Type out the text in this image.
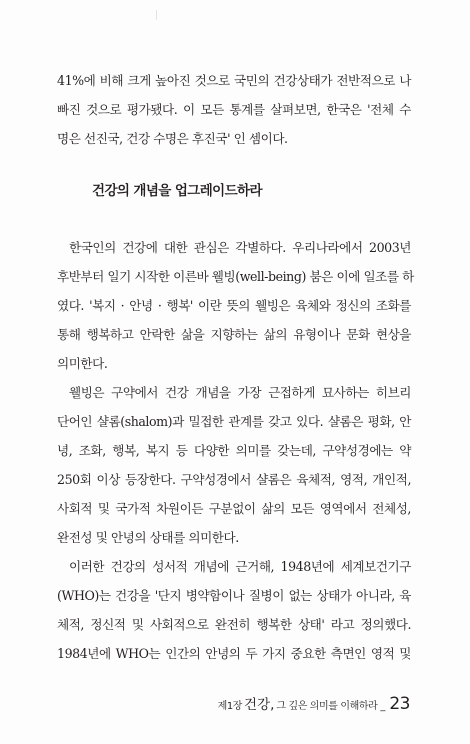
41%에 비해 크게 높아진 것으로 국민의 건강상태가 전반적으로 나
빠진 것으로 평가됐다. 이 모든 통계를 살펴보면, 한국은 '전체 수
명은 선진국, 건강 수명은 후진국' 인 셈이다.
건강의 개념을 업그레이드하라
한국인의 건강에 대한 관심은 각별하다. 우리나라에서 2003년
후반부터 일기 시작한 이른바 웰빙(well-being) 붐은 이에 일조를 하
였다. '복지 · 안녕 · 행복' 이란 뜻의 웰빙은 육체와 정신의 조화를
통해 행복하고 안락한 삶을 지향하는 삶의 유형이나 문화 현상을
의미한다.
웰빙은 구약에서 건강 개념을 가장 근접하게 묘사하는 히브리
단어인 샬롬(shalom)과 밀접한 관계를 갖고 있다. 샬롬은 평화, 안
녕, 조화, 행복, 복지 등 다양한 의미를 갖는데, 구약성경에는 약
250회 이상 등장한다. 구약성경에서 샬롬은 육체적, 영적, 개인적,
사회적 및 국가적 차원이든 구분없이 삶의 모든 영역에서 전체성,
완전성 및 안녕의 상태를 의미한다.
이러한 건강의 성서적 개념에 근거해, 1948년에 세계보건기구
(WHO)는 건강을 '단지 병약함이나 질병이 없는 상태가 아니라, 육
체적, 정신적 및 사회적으로 완전히 행복한 상태' 라고 정의했다.
1984년에 WHO는 인간의 안녕의 두 가지 중요한 측면인 영적 및
제1장 건강, 그 깊은 의미를 이해하라 _ 23
